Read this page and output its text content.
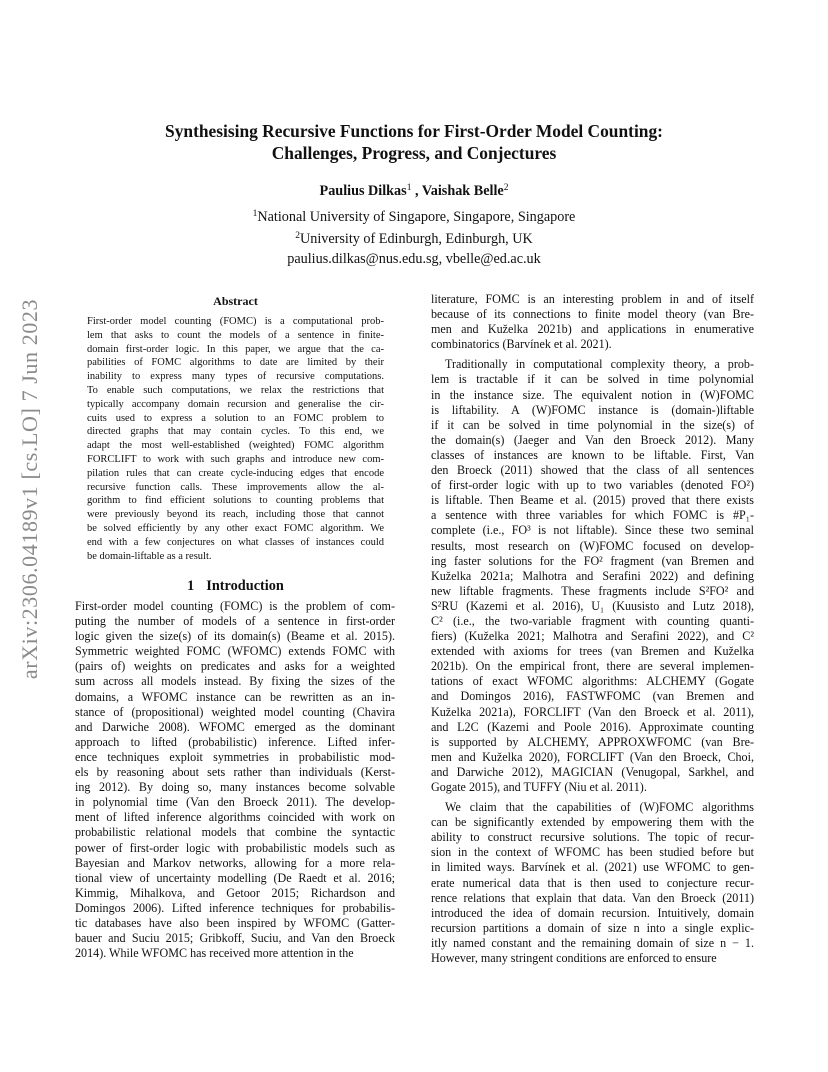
arXiv:2306.04189v1 [cs.LO] 7 Jun 2023
Synthesising Recursive Functions for First-Order Model Counting:
Challenges, Progress, and Conjectures
Paulius Dilkas$^1$ , Vaishak Belle$^2$
$^1$National University of Singapore, Singapore, Singapore
$^2$University of Edinburgh, Edinburgh, UK
paulius.dilkas@nus.edu.sg, vbelle@ed.ac.uk
Abstract
First-order model counting (FOMC) is a computational prob-
lem that asks to count the models of a sentence in finite-
domain first-order logic. In this paper, we argue that the ca-
pabilities of FOMC algorithms to date are limited by their
inability to express many types of recursive computations.
To enable such computations, we relax the restrictions that
typically accompany domain recursion and generalise the cir-
cuits used to express a solution to an FOMC problem to
directed graphs that may contain cycles. To this end, we
adapt the most well-established (weighted) FOMC algorithm
FORCLIFT to work with such graphs and introduce new com-
pilation rules that can create cycle-inducing edges that encode
recursive function calls. These improvements allow the al-
gorithm to find efficient solutions to counting problems that
were previously beyond its reach, including those that cannot
be solved efficiently by any other exact FOMC algorithm. We
end with a few conjectures on what classes of instances could
be domain-liftable as a result.
1 Introduction
First-order model counting (FOMC) is the problem of com-
puting the number of models of a sentence in first-order
logic given the size(s) of its domain(s) (Beame et al. 2015).
Symmetric weighted FOMC (WFOMC) extends FOMC with
(pairs of) weights on predicates and asks for a weighted
sum across all models instead. By fixing the sizes of the
domains, a WFOMC instance can be rewritten as an in-
stance of (propositional) weighted model counting (Chavira
and Darwiche 2008). WFOMC emerged as the dominant
approach to lifted (probabilistic) inference. Lifted infer-
ence techniques exploit symmetries in probabilistic mod-
els by reasoning about sets rather than individuals (Kerst-
ing 2012). By doing so, many instances become solvable
in polynomial time (Van den Broeck 2011). The develop-
ment of lifted inference algorithms coincided with work on
probabilistic relational models that combine the syntactic
power of first-order logic with probabilistic models such as
Bayesian and Markov networks, allowing for a more rela-
tional view of uncertainty modelling (De Raedt et al. 2016;
Kimmig, Mihalkova, and Getoor 2015; Richardson and
Domingos 2006). Lifted inference techniques for probabilis-
tic databases have also been inspired by WFOMC (Gatter-
bauer and Suciu 2015; Gribkoff, Suciu, and Van den Broeck
2014). While WFOMC has received more attention in the
literature, FOMC is an interesting problem in and of itself
because of its connections to finite model theory (van Bre-
men and Kuželka 2021b) and applications in enumerative
combinatorics (Barvínek et al. 2021).
Traditionally in computational complexity theory, a prob-
lem is tractable if it can be solved in time polynomial
in the instance size. The equivalent notion in (W)FOMC
is liftability. A (W)FOMC instance is (domain-)liftable
if it can be solved in time polynomial in the size(s) of
the domain(s) (Jaeger and Van den Broeck 2012). Many
classes of instances are known to be liftable. First, Van
den Broeck (2011) showed that the class of all sentences
of first-order logic with up to two variables (denoted FO²)
is liftable. Then Beame et al. (2015) proved that there exists
a sentence with three variables for which FOMC is #P₁-
complete (i.e., FO³ is not liftable). Since these two seminal
results, most research on (W)FOMC focused on develop-
ing faster solutions for the FO² fragment (van Bremen and
Kuželka 2021a; Malhotra and Serafini 2022) and defining
new liftable fragments. These fragments include S²FO² and
S²RU (Kazemi et al. 2016), U₁ (Kuusisto and Lutz 2018),
C² (i.e., the two-variable fragment with counting quanti-
fiers) (Kuželka 2021; Malhotra and Serafini 2022), and C²
extended with axioms for trees (van Bremen and Kuželka
2021b). On the empirical front, there are several implemen-
tations of exact WFOMC algorithms: ALCHEMY (Gogate
and Domingos 2016), FASTWFOMC (van Bremen and
Kuželka 2021a), FORCLIFT (Van den Broeck et al. 2011),
and L2C (Kazemi and Poole 2016). Approximate counting
is supported by ALCHEMY, APPROXWFOMC (van Bre-
men and Kuželka 2020), FORCLIFT (Van den Broeck, Choi,
and Darwiche 2012), MAGICIAN (Venugopal, Sarkhel, and
Gogate 2015), and TUFFY (Niu et al. 2011).
We claim that the capabilities of (W)FOMC algorithms
can be significantly extended by empowering them with the
ability to construct recursive solutions. The topic of recur-
sion in the context of WFOMC has been studied before but
in limited ways. Barvínek et al. (2021) use WFOMC to gen-
erate numerical data that is then used to conjecture recur-
rence relations that explain that data. Van den Broeck (2011)
introduced the idea of domain recursion. Intuitively, domain
recursion partitions a domain of size n into a single explic-
itly named constant and the remaining domain of size n − 1.
However, many stringent conditions are enforced to ensure
